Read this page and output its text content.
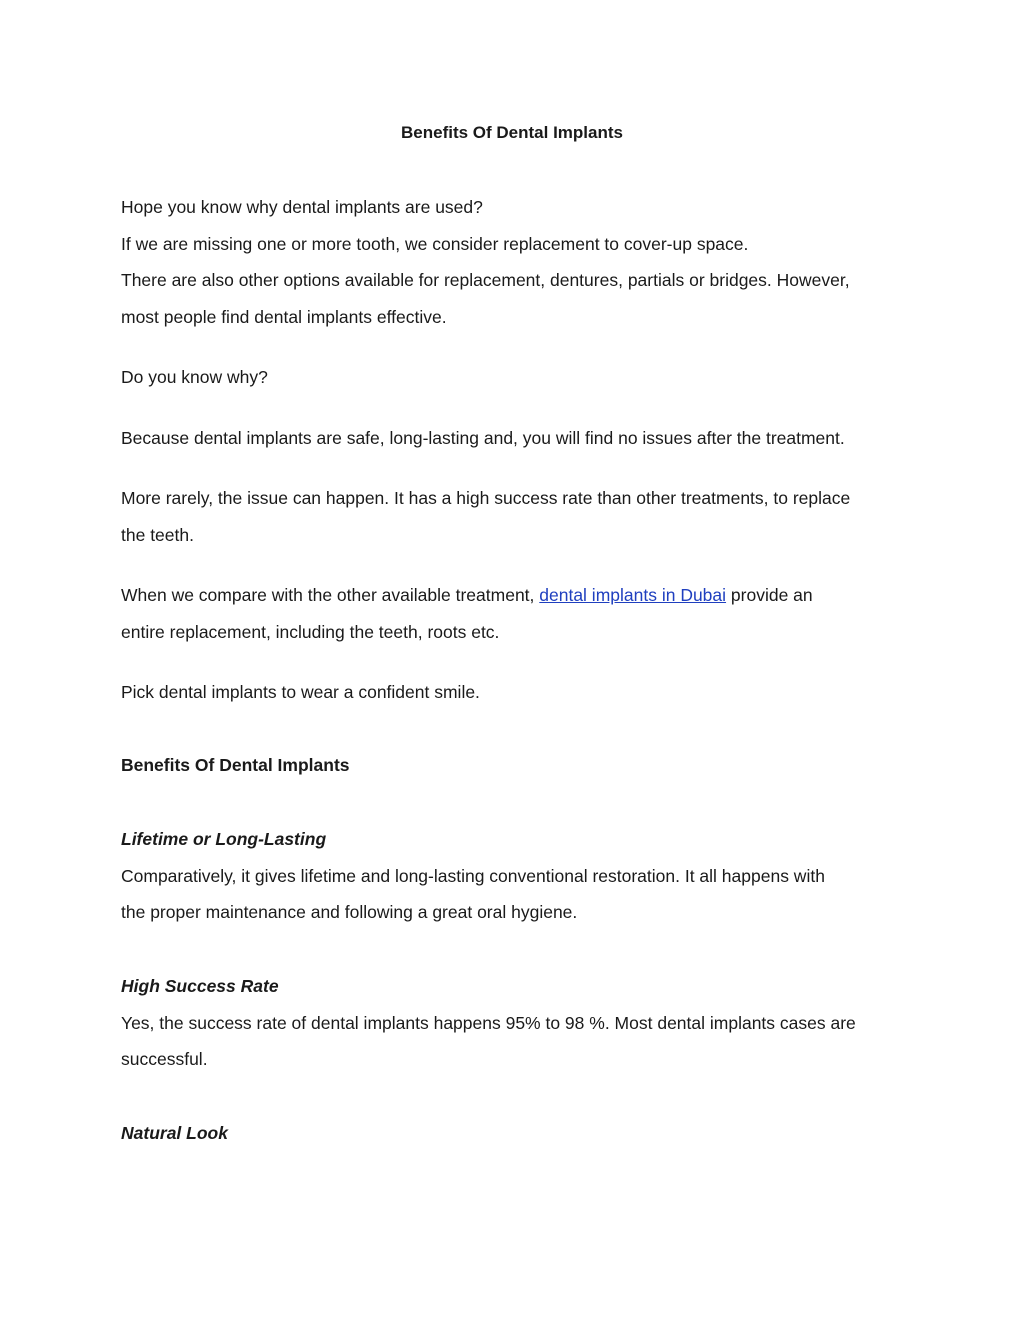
Benefits Of Dental Implants
Hope you know why dental implants are used?
If we are missing one or more tooth, we consider replacement to cover-up space.
There are also other options available for replacement, dentures, partials or bridges. However,
most people find dental implants effective.
Do you know why?
Because dental implants are safe, long-lasting and, you will find no issues after the treatment.
More rarely, the issue can happen. It has a high success rate than other treatments, to replace
the teeth.
When we compare with the other available treatment, dental implants in Dubai provide an
entire replacement, including the teeth, roots etc.
Pick dental implants to wear a confident smile.
Benefits Of Dental Implants
Lifetime or Long-Lasting
Comparatively, it gives lifetime and long-lasting conventional restoration. It all happens with
the proper maintenance and following a great oral hygiene.
High Success Rate
Yes, the success rate of dental implants happens 95% to 98 %. Most dental implants cases are
successful.
Natural Look
